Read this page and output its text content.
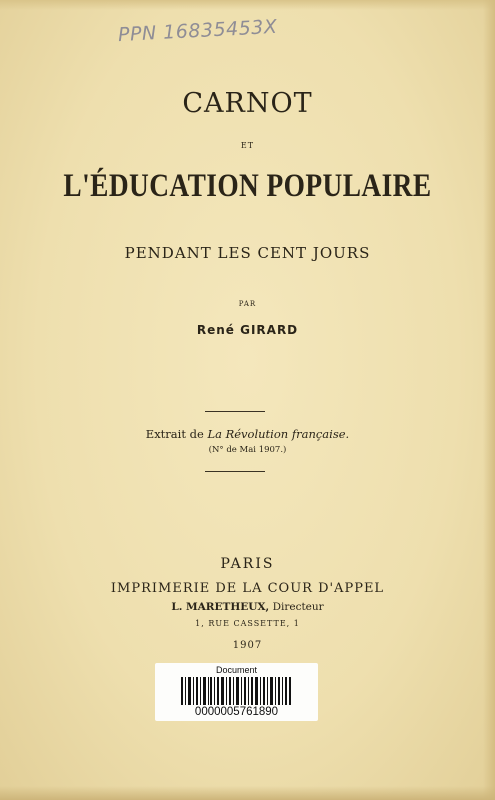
PPN 16835453X
CARNOT
ET
L'ÉDUCATION POPULAIRE
PENDANT LES CENT JOURS
PAR
René GIRARD
Extrait de La Révolution française.
(N° de Mai 1907.)
PARIS
IMPRIMERIE DE LA COUR D'APPEL
L. MARETHEUX, Directeur
1, RUE CASSETTE, 1
1907
Document
0000005761890
